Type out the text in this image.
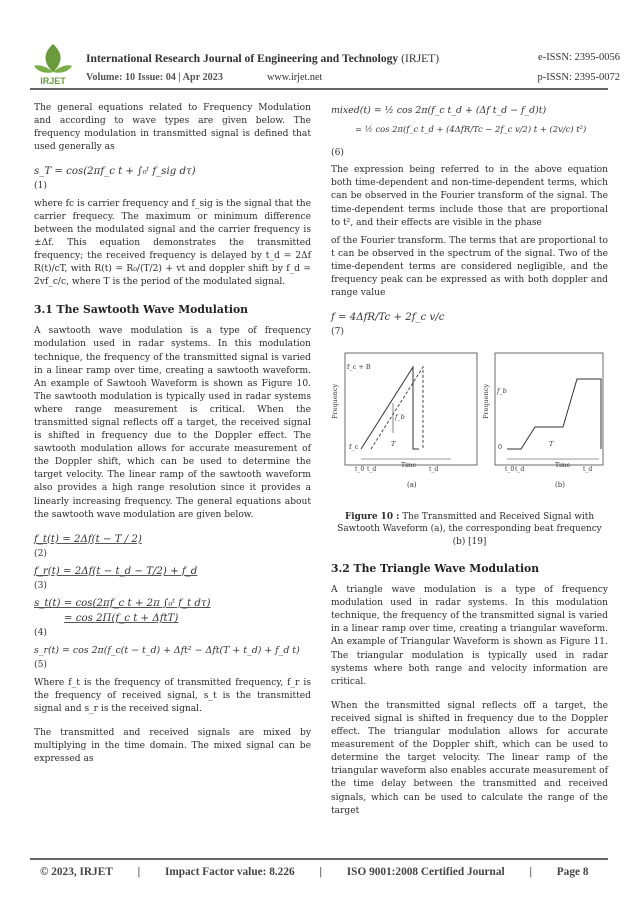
IRJET
International Research Journal of Engineering and Technology (IRJET)	e-ISSN: 2395-0056
Volume: 10 Issue: 04 | Apr 2023	www.irjet.net	p-ISSN: 2395-0072

The general equations related to Frequency Modulation and according to wave types are given below. The frequency modulation in transmitted signal is defined that used generally as

s_T = cos(2πf_c t + ∫₀ᵗ f_sig dτ)
(1)

where fc is carrier frequency and f_sig is the signal that the carrier frequecy. The maximum or minimum difference between the modulated signal and the carrier frequency is ±Δf. This equation demonstrates the transmitted frequency; the received frequency is delayed by t_d = 2Δf R(t)/cT, with R(t) = R₀/(T/2) + vt and doppler shift by f_d = 2vf_c/c, where T is the period of the modulated signal.

3.1 The Sawtooth Wave Modulation

A sawtooth wave modulation is a type of frequency modulation used in radar systems. In this modulation technique, the frequency of the transmitted signal is varied in a linear ramp over time, creating a sawtooth waveform. An example of Sawtooh Waveform is shown as Figure 10. The sawtooth modulation is typically used in radar systems where range measurement is critical. When the transmitted signal reflects off a target, the received signal is shifted in frequency due to the Doppler effect. The sawtooth modulation allows for accurate measurement of the Doppler shift, which can be used to determine the target velocity. The linear ramp of the sawtooth waveform also provides a high range resolution since it provides a linearly increasing frequency. The general equations about the sawtooth wave modulation are given below.

f_t(t) = 2Δf(t − T / 2)
(2)
f_r(t) = 2Δf(t − t_d − T/2) + f_d
(3)
s_t(t) = cos(2πf_c t + 2π ∫₀ᵗ f_t dτ)
= cos 2Π(f_c t + ΔftT)
(4)
s_r(t) = cos 2π(f_c(t − t_d) + Δft² − Δft(T + t_d) + f_d t)
(5)

Where f_t is the frequency of transmitted frequency, f_r is the frequency of received signal, s_t is the transmitted signal and s_r is the received signal.

The transmitted and received signals are mixed by multiplying in the time domain. The mixed signal can be expressed as

mixed(t) = ½ cos 2π(f_c t_d + (Δf t_d − f_d)t)
= ½ cos 2π(f_c t_d + (4ΔfR/Tc − 2f_c v/2) t + (2v/c) t²)
(6)

The expression being referred to in the above equation both time-dependent and non-time-dependent terms, which can be observed in the Fourier transform of the signal. The time-dependent terms include those that are proportional to t², and their effects are visible in the phase

of the Fourier transform. The terms that are proportional to t can be observed in the spectrum of the signal. Two of the time-dependent terms are considered negligible, and the frequency peak can be expressed as with both doppler and range value

f = 4ΔfR/Tc + 2f_c v/c
(7)
Frequency
f_c + B
f_c
f_b
T
t_0 t_d
Time
t_d
(a)
Frequency f_b
0	T
t_0 t_d
Time
t_d
(b)
Figure 10 : The Transmitted and Received Signal with Sawtooth Waveform (a), the corresponding beat frequency (b) [19]
3.2 The Triangle Wave Modulation

A triangle wave modulation is a type of frequency modulation used in radar systems. In this modulation technique, the frequency of the transmitted signal is varied in a linear ramp over time, creating a triangular waveform. An example of Triangular Waveform is shown as Figure 11. The triangular modulation is typically used in radar systems where both range and velocity information are critical.

When the transmitted signal reflects off a target, the received signal is shifted in frequency due to the Doppler effect. The triangular modulation allows for accurate measurement of the Doppler shift, which can be used to determine the target velocity. The linear ramp of the triangular waveform also enables accurate measurement of the time delay between the transmitted and received signals, which can be used to calculate the range of the target

© 2023, IRJET | Impact Factor value: 8.226 | ISO 9001:2008 Certified Journal | Page 8
